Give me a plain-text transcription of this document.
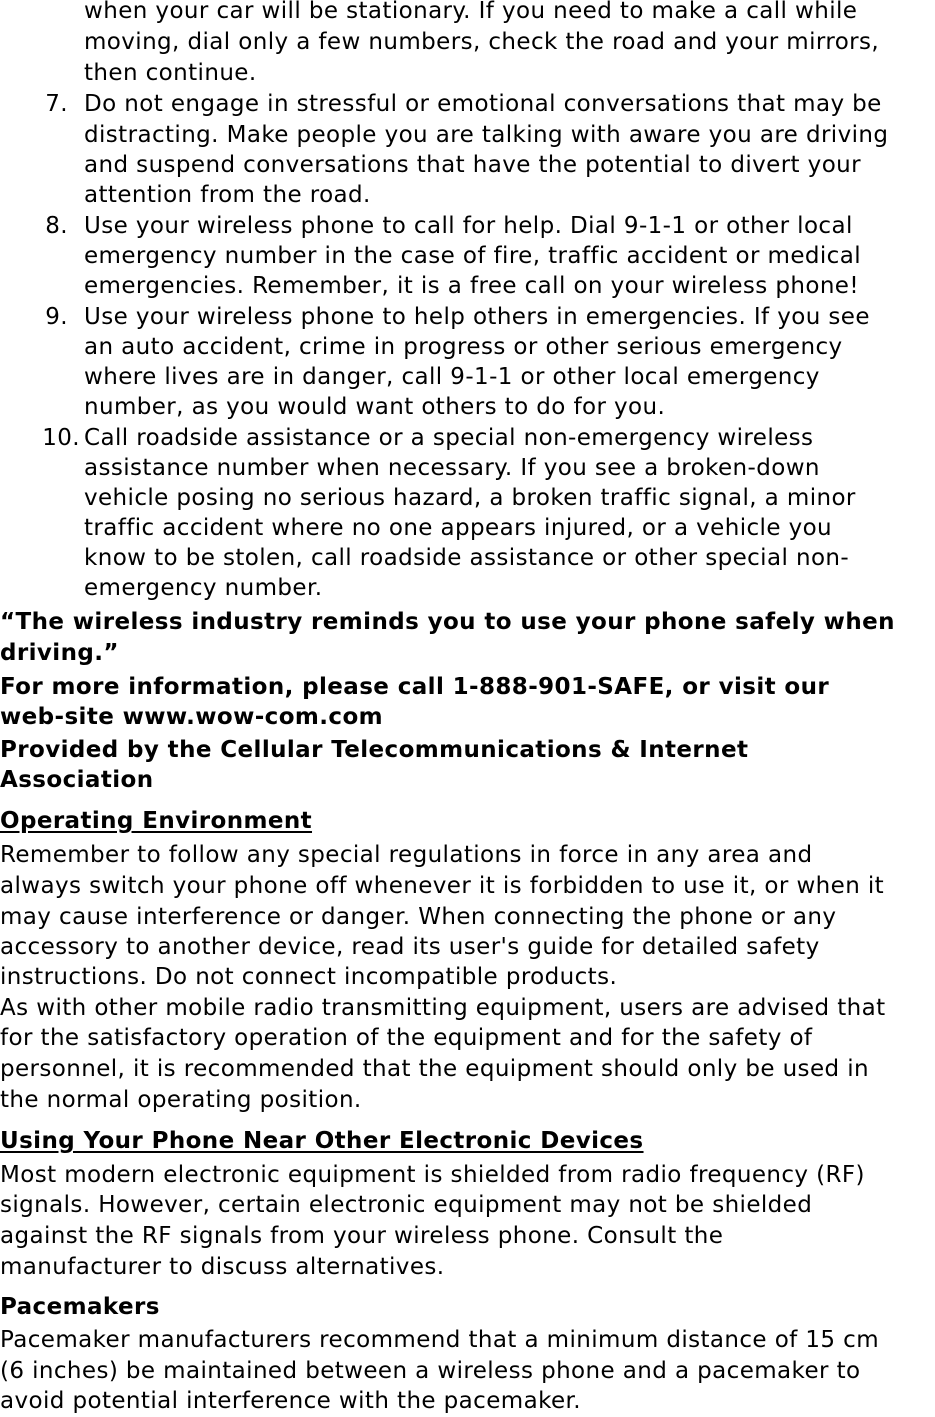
when your car will be stationary. If you need to make a call while
moving, dial only a few numbers, check the road and your mirrors,
then continue.
7. Do not engage in stressful or emotional conversations that may be
distracting. Make people you are talking with aware you are driving
and suspend conversations that have the potential to divert your
attention from the road.
8. Use your wireless phone to call for help. Dial 9-1-1 or other local
emergency number in the case of fire, traffic accident or medical
emergencies. Remember, it is a free call on your wireless phone!
9. Use your wireless phone to help others in emergencies. If you see
an auto accident, crime in progress or other serious emergency
where lives are in danger, call 9-1-1 or other local emergency
number, as you would want others to do for you.
10. Call roadside assistance or a special non-emergency wireless
assistance number when necessary. If you see a broken-down
vehicle posing no serious hazard, a broken traffic signal, a minor
traffic accident where no one appears injured, or a vehicle you
know to be stolen, call roadside assistance or other special non-
emergency number.
“The wireless industry reminds you to use your phone safely when
driving.”
For more information, please call 1-888-901-SAFE, or visit our
web-site www.wow-com.com
Provided by the Cellular Telecommunications & Internet
Association
Operating Environment
Remember to follow any special regulations in force in any area and
always switch your phone off whenever it is forbidden to use it, or when it
may cause interference or danger. When connecting the phone or any
accessory to another device, read its user's guide for detailed safety
instructions. Do not connect incompatible products.
As with other mobile radio transmitting equipment, users are advised that
for the satisfactory operation of the equipment and for the safety of
personnel, it is recommended that the equipment should only be used in
the normal operating position.
Using Your Phone Near Other Electronic Devices
Most modern electronic equipment is shielded from radio frequency (RF)
signals. However, certain electronic equipment may not be shielded
against the RF signals from your wireless phone. Consult the
manufacturer to discuss alternatives.
Pacemakers
Pacemaker manufacturers recommend that a minimum distance of 15 cm
(6 inches) be maintained between a wireless phone and a pacemaker to
avoid potential interference with the pacemaker.
